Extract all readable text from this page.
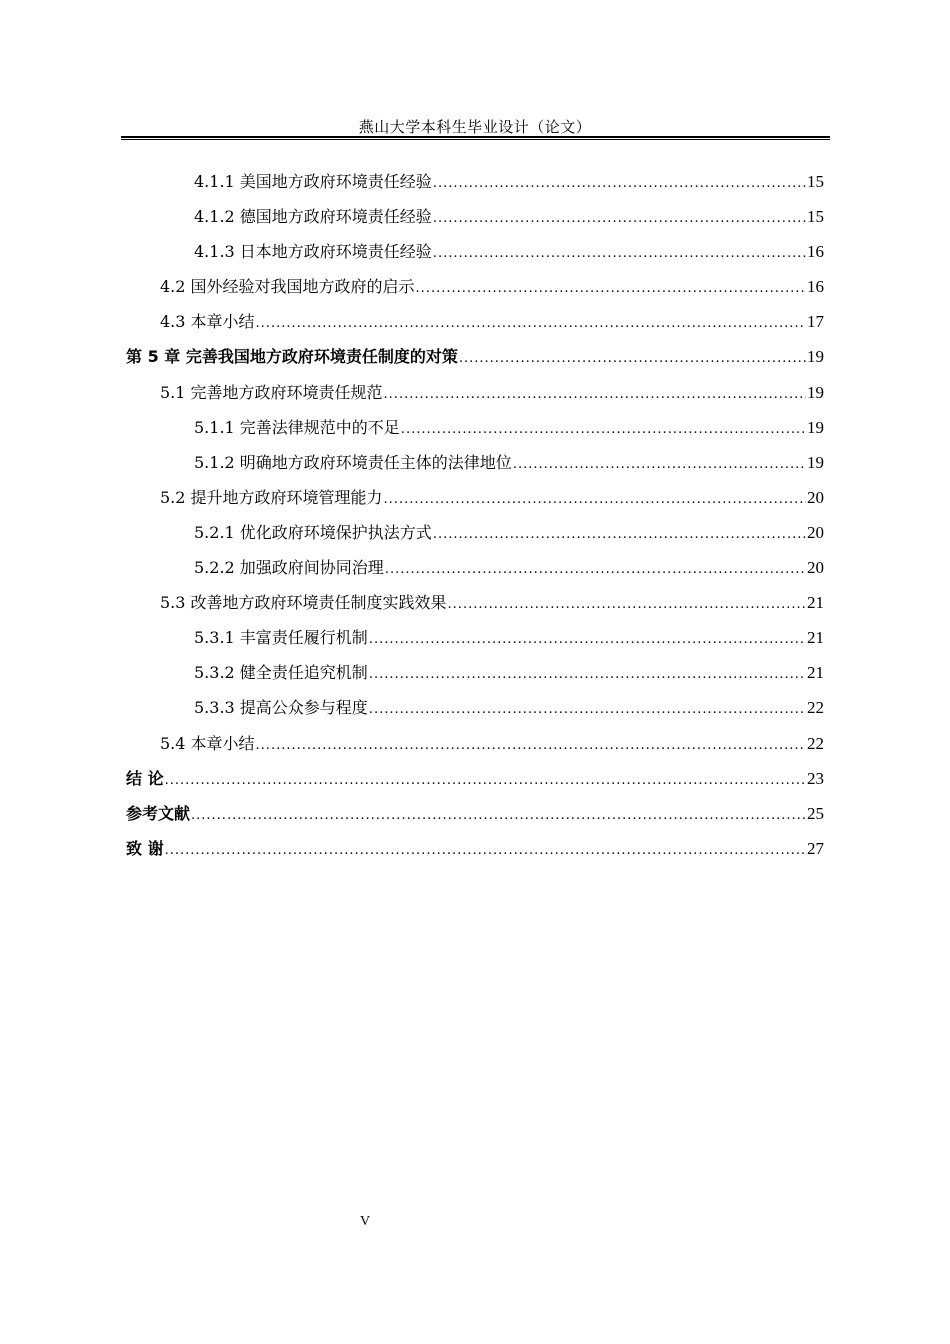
燕山大学本科生毕业设计（论文）
4.1.1 美国地方政府环境责任经验 .....	15
4.1.2 德国地方政府环境责任经验 .....	15
4.1.3 日本地方政府环境责任经验 .....	16
4.2 国外经验对我国地方政府的启示 .....	16
4.3 本章小结 .....	17
第 5 章 完善我国地方政府环境责任制度的对策 .....	19
5.1 完善地方政府环境责任规范 .....	19
5.1.1 完善法律规范中的不足 .....	19
5.1.2 明确地方政府环境责任主体的法律地位 .....	19
5.2 提升地方政府环境管理能力 .....	20
5.2.1 优化政府环境保护执法方式 .....	20
5.2.2 加强政府间协同治理 .....	20
5.3 改善地方政府环境责任制度实践效果 .....	21
5.3.1 丰富责任履行机制 .....	21
5.3.2 健全责任追究机制 .....	21
5.3.3 提高公众参与程度 .....	22
5.4 本章小结 .....	22
结 论 .....	23
参考文献 .....	25
致 谢 .....	27
V
